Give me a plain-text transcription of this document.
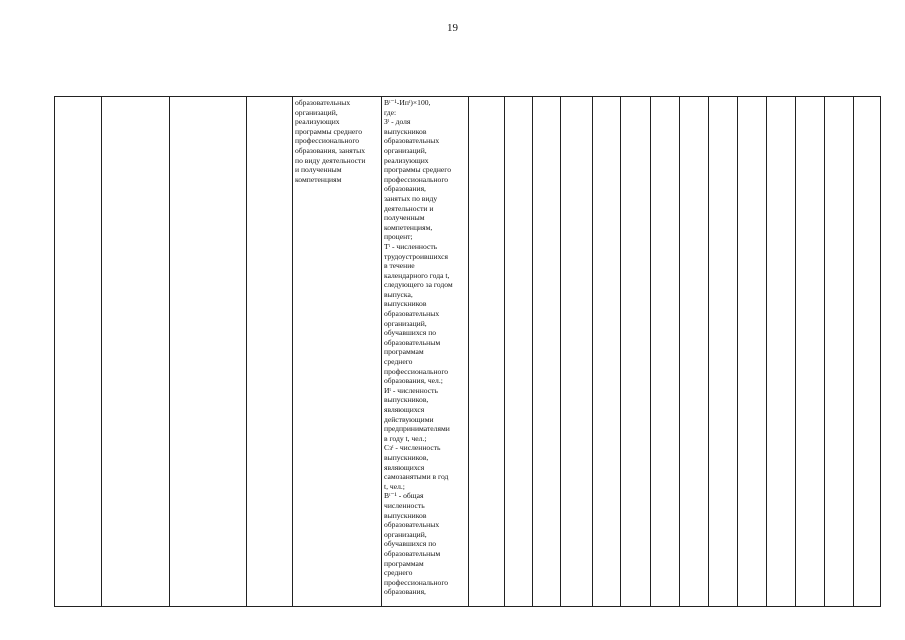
19
образовательных
организаций,
реализующих
программы среднего
профессионального
образования, занятых
по виду деятельности
и полученным
компетенциям
Вᵗ⁻¹-Ипᵗ)×100,
где:
Зᵗ - доля
выпускников
образовательных
организаций,
реализующих
программы среднего
профессионального
образования,
занятых по виду
деятельности и
полученным
компетенциям,
процент;
Тᵗ - численность
трудоустроившихся
в течение
календарного года t,
следующего за годом
выпуска,
выпускников
образовательных
организаций,
обучавшихся по
образовательным
программам
среднего
профессионального
образования, чел.;
Иᵗ - численность
выпускников,
являющихся
действующими
предпринимателями
в году t, чел.;
Сзᵗ - численность
выпускников,
являющихся
самозанятыми в год
t, чел.;
Вᵗ⁻¹ - общая
численность
выпускников
образовательных
организаций,
обучавшихся по
образовательным
программам
среднего
профессионального
образования,
